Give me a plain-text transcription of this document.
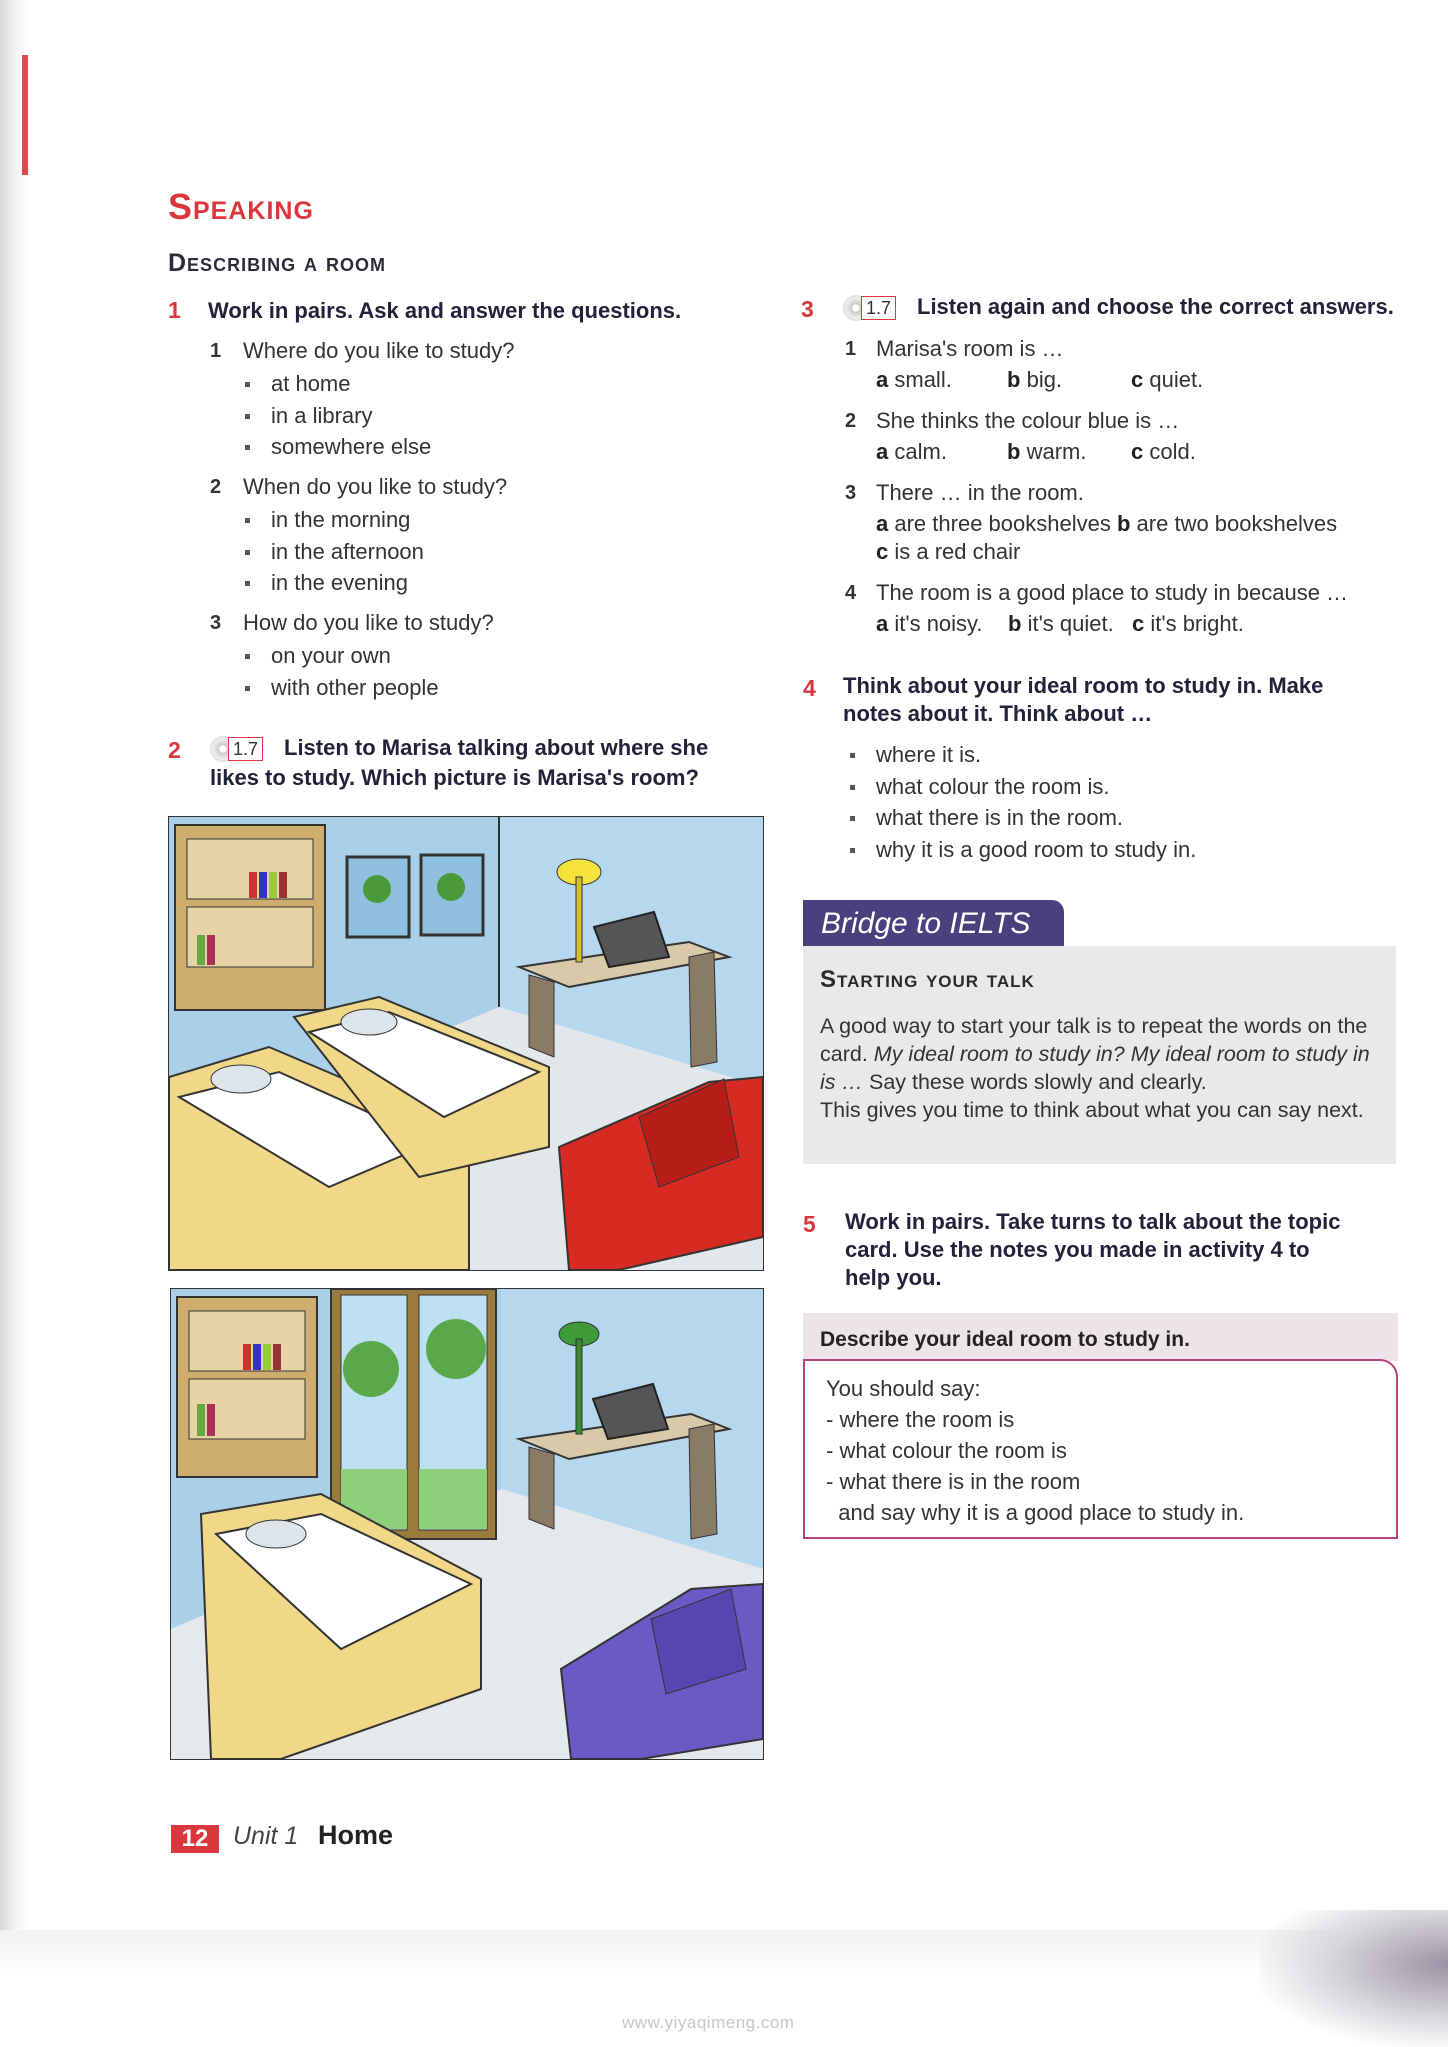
Speaking
Describing a room
1 Work in pairs. Ask and answer the questions.

1 Where do you like to study?
at home
in a library
somewhere else
2 When do you like to study?
in the morning
in the afternoon
in the evening
3 How do you like to study?
on your own
with other people
2	1.7 Listen to Marisa talking about where she
likes to study. Which picture is Marisa's room?

3	1.7 Listen again and choose the correct answers.

1 Marisa's room is …
a small.	b big.	c quiet.
2 She thinks the colour blue is …
a calm.	b warm. c cold.
3 There … in the room.
a are three bookshelves b are two bookshelves
c is a red chair
4 The room is a good place to study in because …
a it's noisy. b it's quiet. c it's bright.
4 Think about your ideal room to study in. Make
notes about it. Think about …

where it is.
what colour the room is.
what there is in the room.
why it is a good room to study in.
Bridge to IELTS
Starting your talk

A good way to start your talk is to repeat the words on the card. My ideal room to study in? My ideal room to study in is … Say these words slowly and clearly.
This gives you time to think about what you can say next.

5 Work in pairs. Take turns to talk about the topic
card. Use the notes you made in activity 4 to
help you.

Describe your ideal room to study in.
You should say:
- where the room is
- what colour the room is
- what there is in the room
and say why it is a good place to study in.
12 Unit 1 Home
www.yiyaqimeng.com
